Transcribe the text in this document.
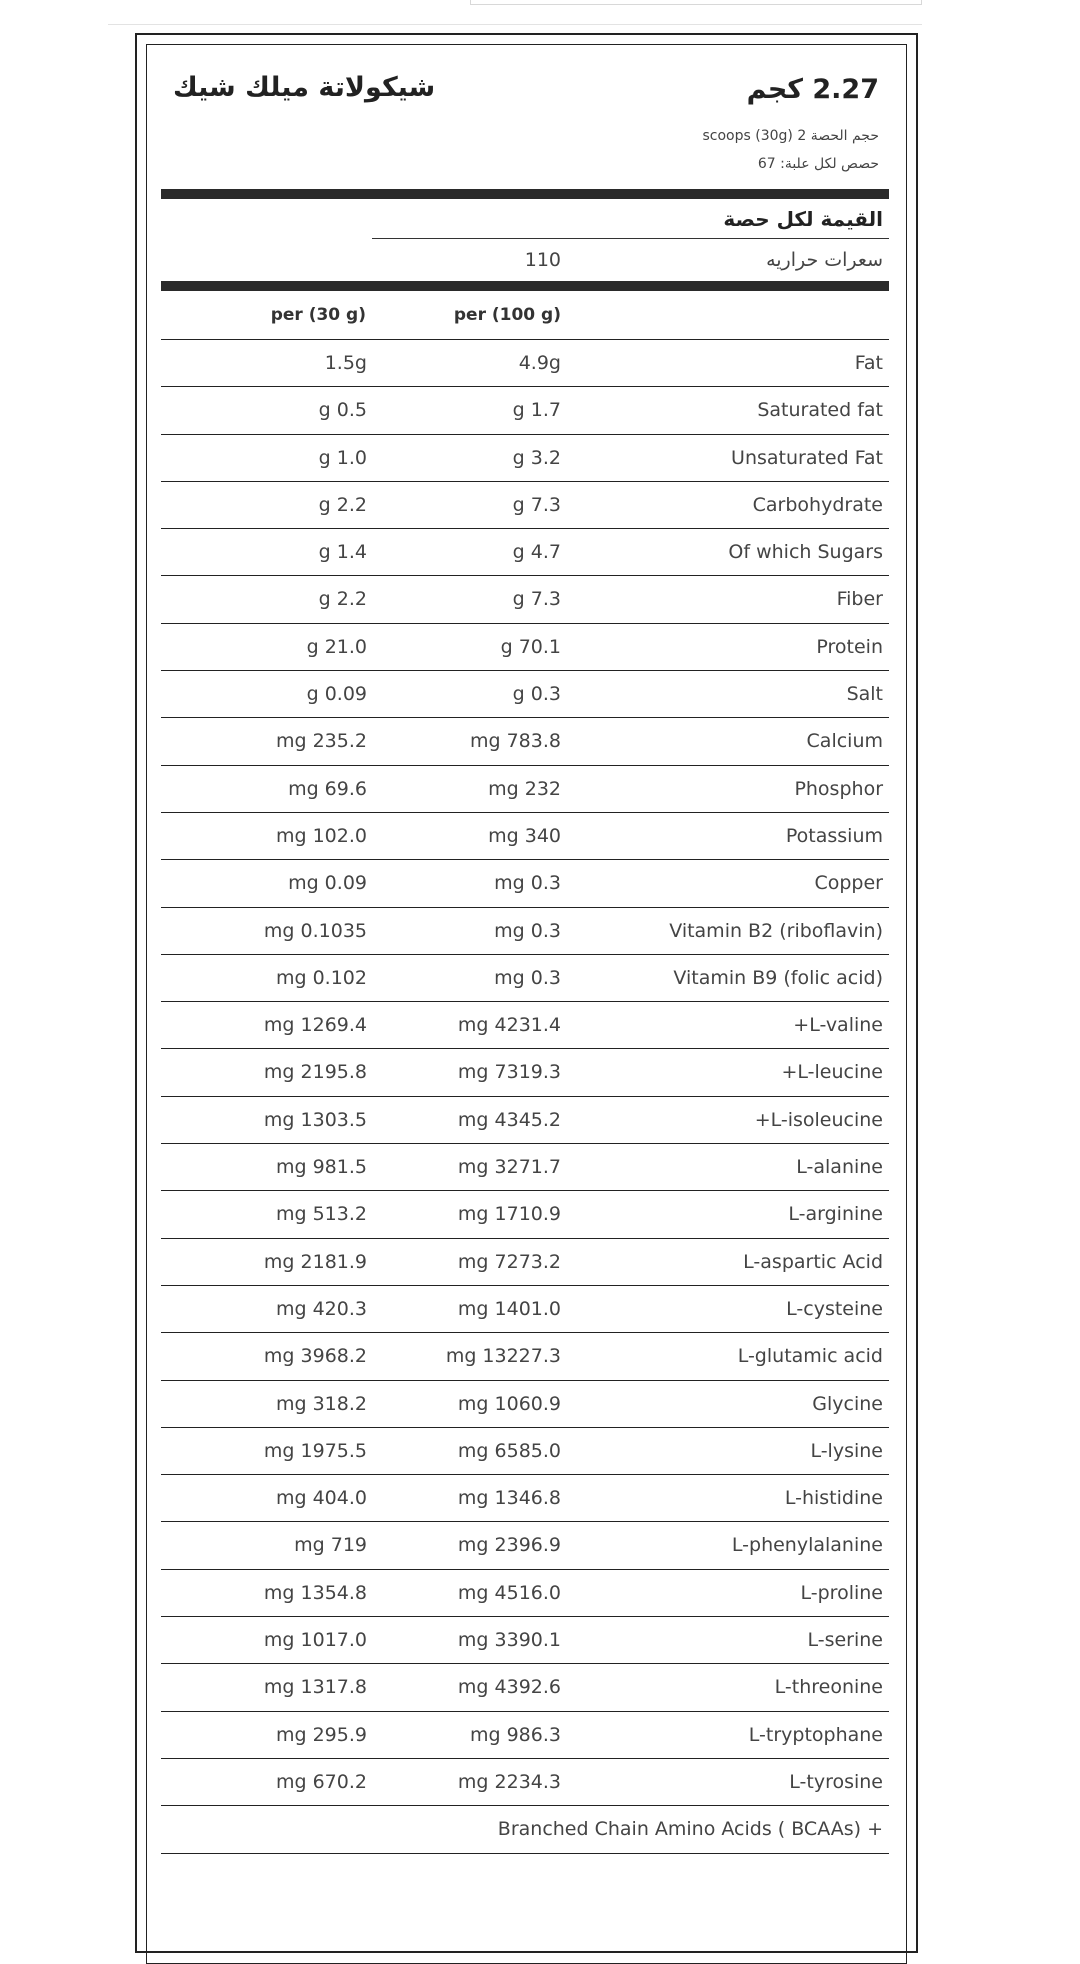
شيكولاتة ميلك شيك	2.27 كجم
حجم الحصة 2 (30g) scoops
حصص لكل علبة: 67
القيمة لكل حصة
سعرات حراريه
110
per (30 g)	per (100 g)
Fat
4.9g
1.5g
Saturated fat
g 1.7
g 0.5
Unsaturated Fat
g 3.2
g 1.0
Carbohydrate
g 7.3
g 2.2
Of which Sugars
g 4.7
g 1.4
Fiber
g 7.3
g 2.2
Protein
g 70.1
g 21.0
Salt
g 0.3
g 0.09
Calcium
mg 783.8
mg 235.2
Phosphor
mg 232
mg 69.6
Potassium
mg 340
mg 102.0
Copper
mg 0.3
mg 0.09
Vitamin B2 (riboflavin)
mg 0.3
mg 0.1035
Vitamin B9 (folic acid)
mg 0.3
mg 0.102
+L-valine
mg 4231.4
mg 1269.4
+L-leucine
mg 7319.3
mg 2195.8
+L-isoleucine
mg 4345.2
mg 1303.5
L-alanine
mg 3271.7
mg 981.5
L-arginine
mg 1710.9
mg 513.2
L-aspartic Acid
mg 7273.2
mg 2181.9
L-cysteine
mg 1401.0
mg 420.3
L-glutamic acid
mg 13227.3
mg 3968.2
Glycine
mg 1060.9
mg 318.2
L-lysine
mg 6585.0
mg 1975.5
L-histidine
mg 1346.8
mg 404.0
L-phenylalanine
mg 2396.9
mg 719
L-proline
mg 4516.0
mg 1354.8
L-serine
mg 3390.1
mg 1017.0
L-threonine
mg 4392.6
mg 1317.8
L-tryptophane
mg 986.3
mg 295.9
L-tyrosine
mg 2234.3
mg 670.2
Branched Chain Amino Acids ( BCAAs) +
